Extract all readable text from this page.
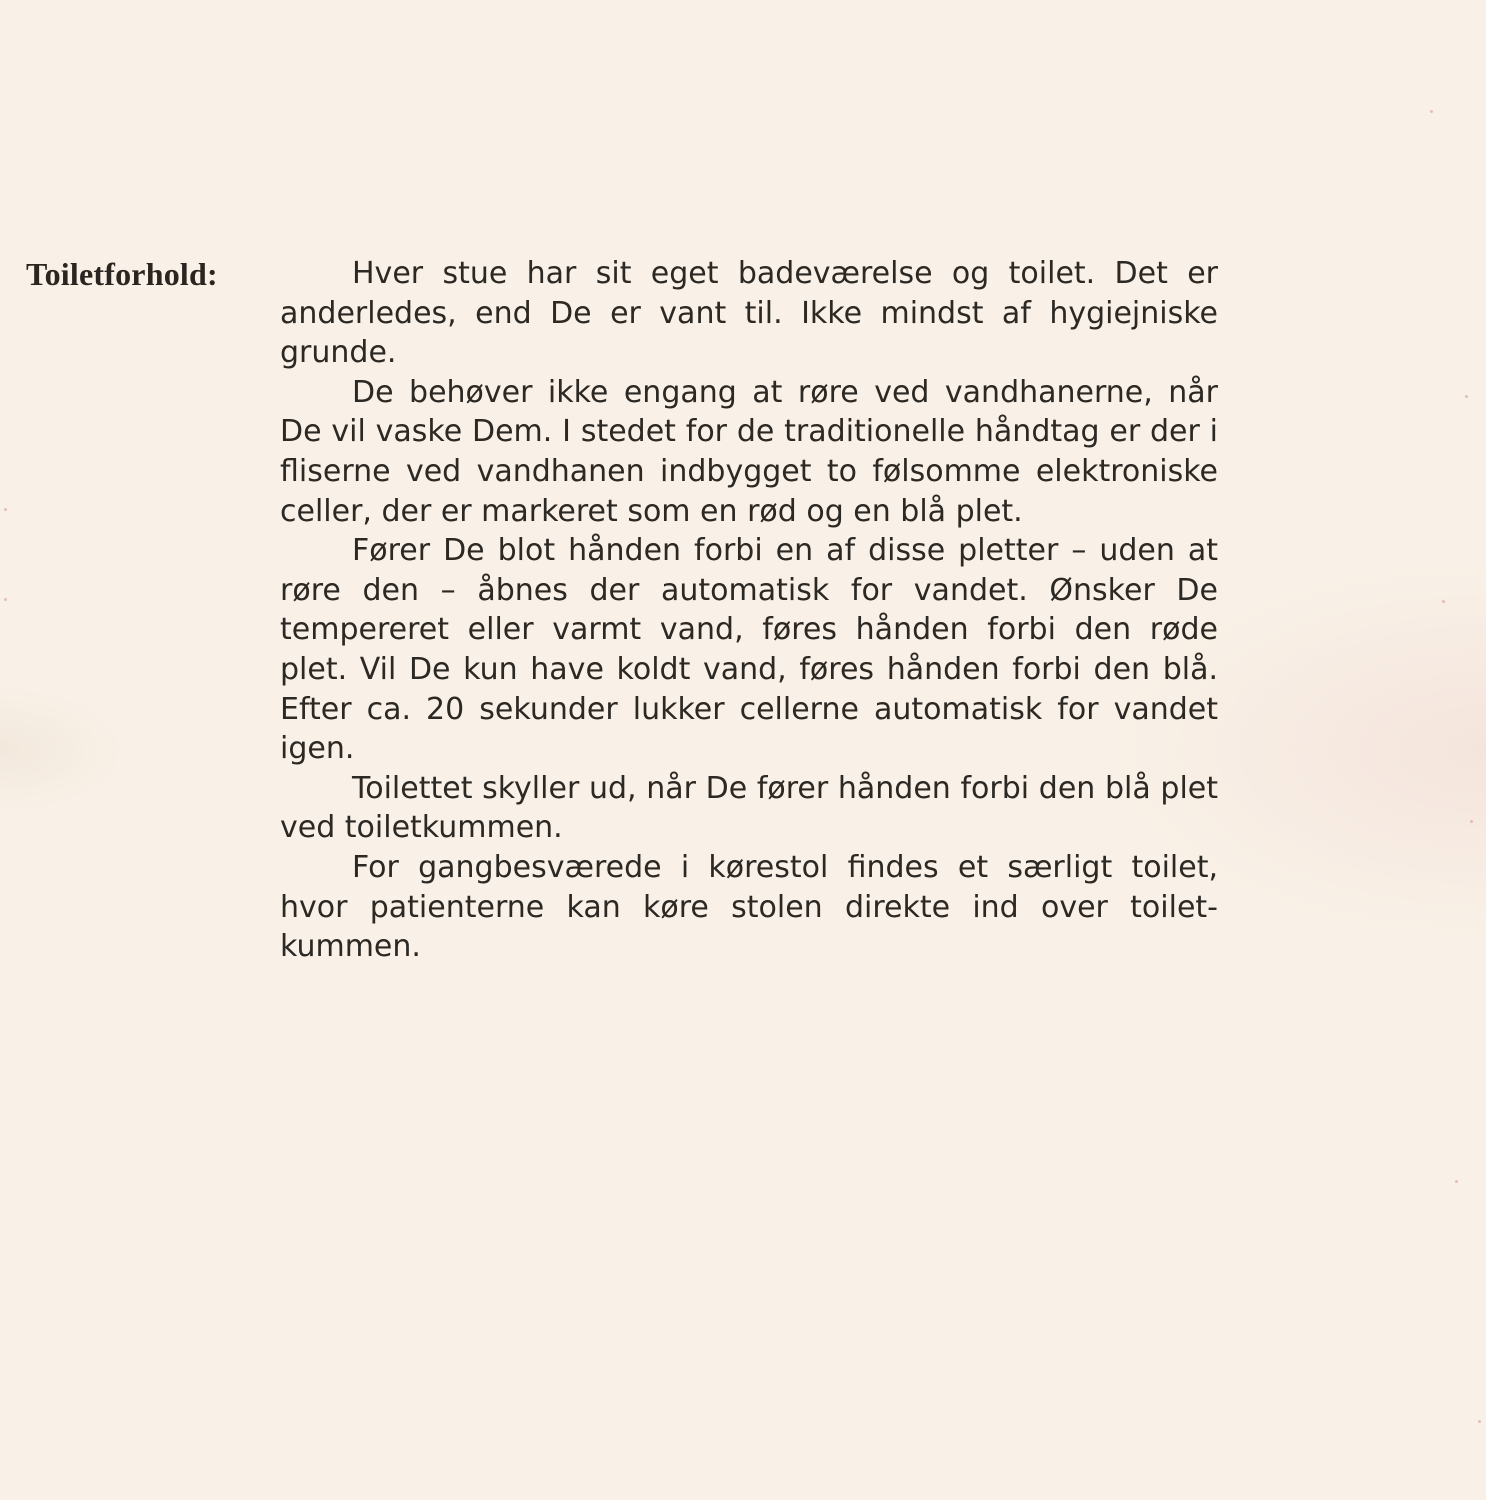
Toiletforhold:	Hver stue har sit eget badeværelse og toilet. Det er anderledes, end De er vant til. Ikke mindst af hygiejniske grunde.

De behøver ikke engang at røre ved vandhanerne, når De vil vaske Dem. I stedet for de traditionelle håndtag er der i fliserne ved vandhanen indbygget to følsomme elektroniske celler, der er markeret som en rød og en blå plet.

Fører De blot hånden forbi en af disse pletter – uden at røre den – åbnes der automatisk for vandet. Ønsker De tempereret eller varmt vand, føres hånden forbi den røde plet. Vil De kun have koldt vand, føres hånden forbi den blå. Efter ca. 20 sekunder lukker cellerne automatisk for vandet igen.

Toilettet skyller ud, når De fører hånden forbi den blå plet ved toiletkummen.

For gangbesværede i kørestol findes et særligt toilet, hvor patienterne kan køre stolen direkte ind over toiletkummen.
